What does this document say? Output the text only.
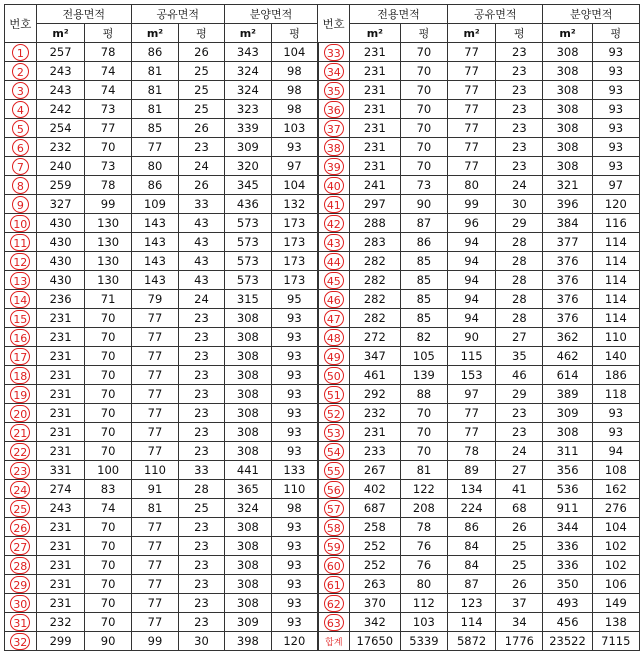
번호	전용면적		공유면적		분양면적		번호	전용면적		공유면적		분양면적	
	m²	평	m²	평	m²	평		m²	평	m²	평	m²	평
1	257	78	86	26	343	104	33	231	70	77	23	308	93
2	243	74	81	25	324	98	34	231	70	77	23	308	93
3	243	74	81	25	324	98	35	231	70	77	23	308	93
4	242	73	81	25	323	98	36	231	70	77	23	308	93
5	254	77	85	26	339	103	37	231	70	77	23	308	93
6	232	70	77	23	309	93	38	231	70	77	23	308	93
7	240	73	80	24	320	97	39	231	70	77	23	308	93
8	259	78	86	26	345	104	40	241	73	80	24	321	97
9	327	99	109	33	436	132	41	297	90	99	30	396	120
10	430	130	143	43	573	173	42	288	87	96	29	384	116
11	430	130	143	43	573	173	43	283	86	94	28	377	114
12	430	130	143	43	573	173	44	282	85	94	28	376	114
13	430	130	143	43	573	173	45	282	85	94	28	376	114
14	236	71	79	24	315	95	46	282	85	94	28	376	114
15	231	70	77	23	308	93	47	282	85	94	28	376	114
16	231	70	77	23	308	93	48	272	82	90	27	362	110
17	231	70	77	23	308	93	49	347	105	115	35	462	140
18	231	70	77	23	308	93	50	461	139	153	46	614	186
19	231	70	77	23	308	93	51	292	88	97	29	389	118
20	231	70	77	23	308	93	52	232	70	77	23	309	93
21	231	70	77	23	308	93	53	231	70	77	23	308	93
22	231	70	77	23	308	93	54	233	70	78	24	311	94
23	331	100	110	33	441	133	55	267	81	89	27	356	108
24	274	83	91	28	365	110	56	402	122	134	41	536	162
25	243	74	81	25	324	98	57	687	208	224	68	911	276
26	231	70	77	23	308	93	58	258	78	86	26	344	104
27	231	70	77	23	308	93	59	252	76	84	25	336	102
28	231	70	77	23	308	93	60	252	76	84	25	336	102
29	231	70	77	23	308	93	61	263	80	87	26	350	106
30	231	70	77	23	308	93	62	370	112	123	37	493	149
31	232	70	77	23	309	93	63	342	103	114	34	456	138
32	299	90	99	30	398	120	합계	17650	5339	5872	1776	23522	7115
